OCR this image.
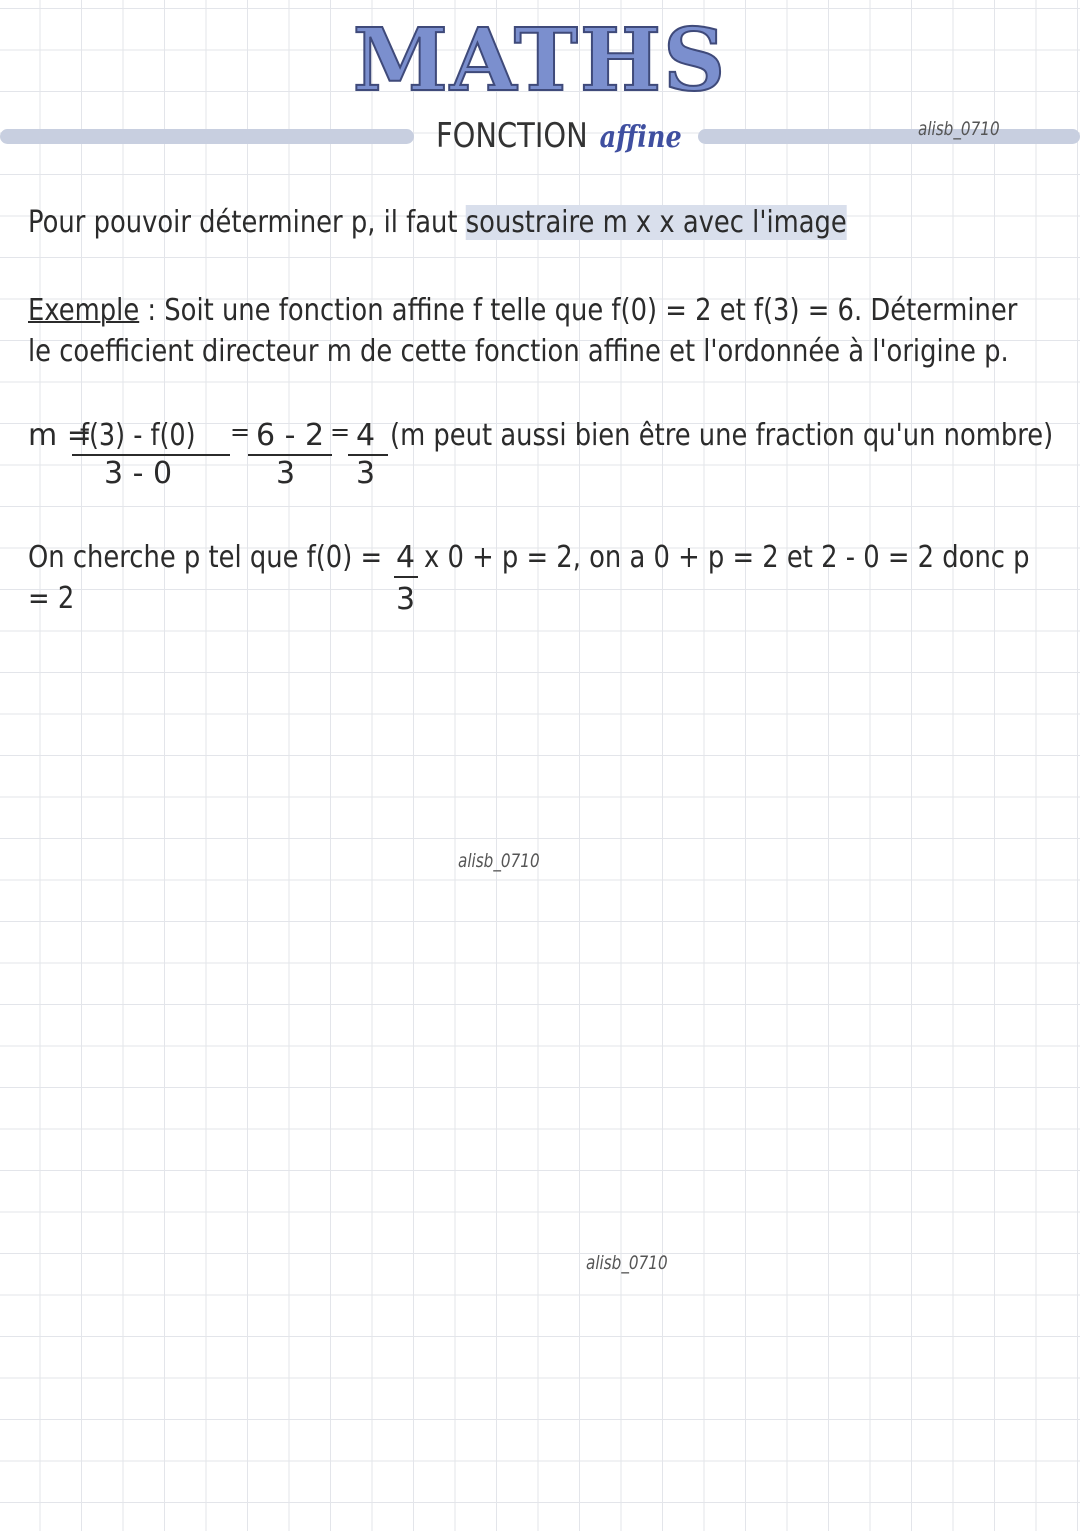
MATHS
FONCTION affine	alisb_0710
Pour pouvoir déterminer p, il faut soustraire m x x avec l'image
Exemple : Soit une fonction affine f telle que f(0) = 2 et f(3) = 6. Déterminer
le coefficient directeur m de cette fonction affine et l'ordonnée à l'origine p.
m =
f(3) - f(0)
3 - 0
= 6 - 2
3
= 4
3
(m peut aussi bien être une fraction qu'un nombre)
On cherche p tel que f(0) = 4
3
x 0 + p = 2, on a 0 + p = 2 et 2 - 0 = 2 donc p
= 2
alisb_0710
alisb_0710
